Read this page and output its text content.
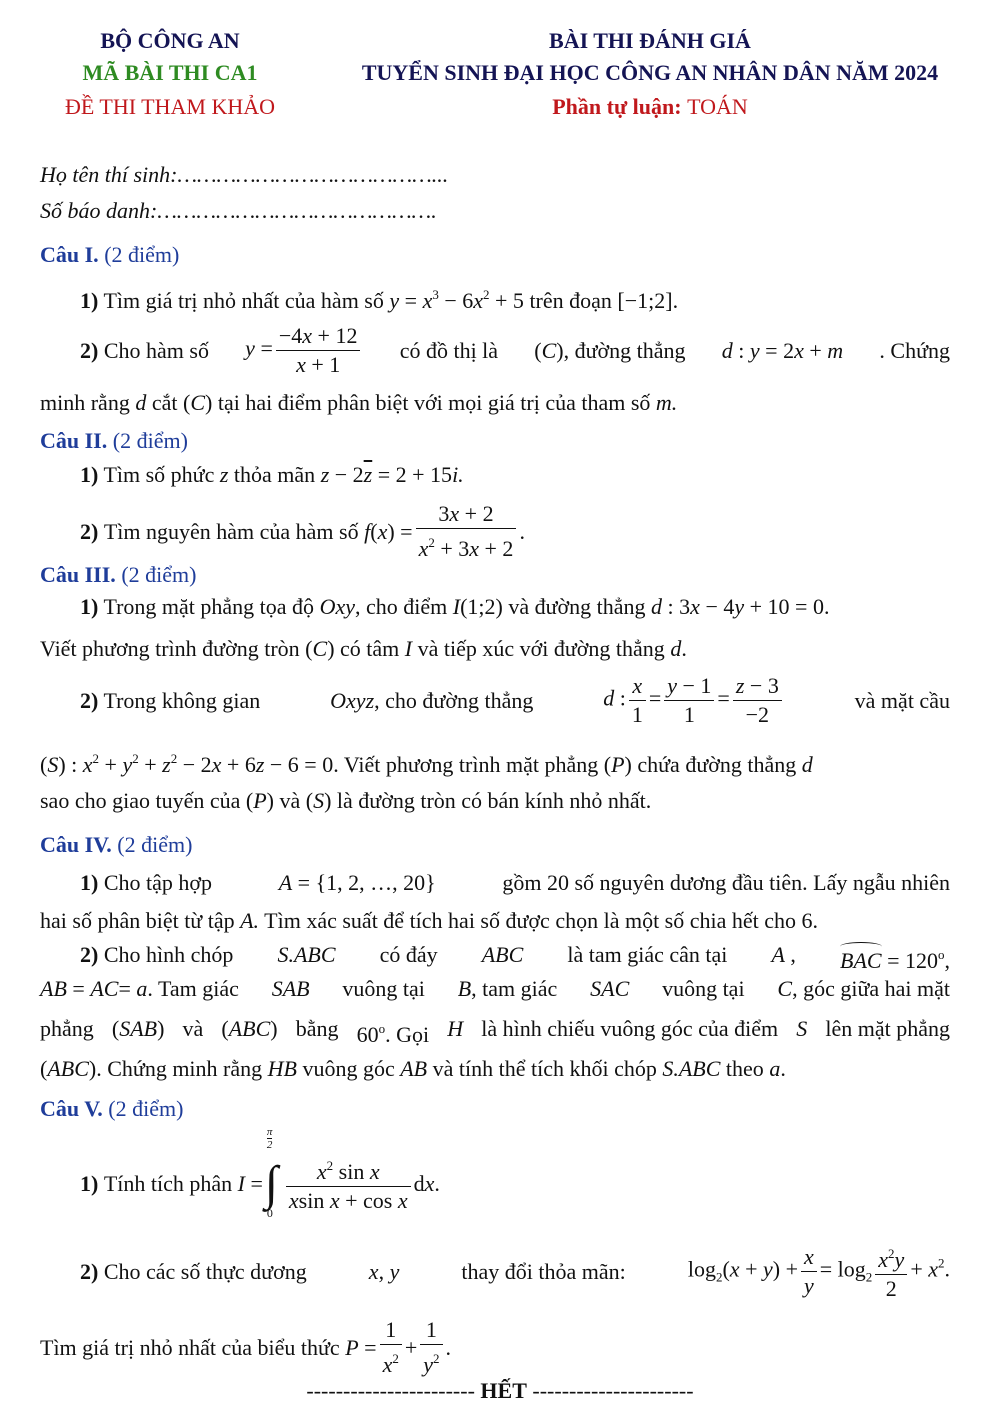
BỘ CÔNG AN
MÃ BÀI THI CA1
ĐỀ THI THAM KHẢO
BÀI THI ĐÁNH GIÁ
TUYỂN SINH ĐẠI HỌC CÔNG AN NHÂN DÂN NĂM 2024
Phần tự luận: TOÁN
Họ tên thí sinh:…………………………………...
Số báo danh:…………………………………….
Câu I. (2 điểm)
1) Tìm giá trị nhỏ nhất của hàm số $y = x^3 - 6x^2 + 5$ trên đoạn [−1;2].
2) Cho hàm số $y = \frac{-4x + 12}{x + 1}$ có đồ thị là (C), đường thẳng d : y = 2x + m . Chứng
minh rằng d cắt (C) tại hai điểm phân biệt với mọi giá trị của tham số m.
Câu II. (2 điểm)
1) Tìm số phức z thỏa mãn $z - 2\overline{z} = 2 + 15i$.
2)
Tìm nguyên hàm của hàm số
f ( x ) = $\frac{3x + 2}{x^2 + 3x + 2}$ .
Câu III. (2 điểm)
1) Trong mặt phẳng tọa độ Oxy, cho điểm I(1;2) và đường thẳng d : 3x − 4y + 10 = 0.
Viết phương trình đường tròn (C) có tâm I và tiếp xúc với đường thẳng d.
2) Trong không gian	Oxyz, cho đường thẳng	d : $\frac{x}{1} = \frac{y - 1}{1} = \frac{z - 3}{-2}$	và mặt cầu
(S) : $x^2 + y^2 + z^2 - 2x + 6z - 6 = 0$. Viết phương trình mặt phẳng (P) chứa đường thẳng d
sao cho giao tuyến của (P) và (S) là đường tròn có bán kính nhỏ nhất.
Câu IV. (2 điểm)
1) Cho tập hợp	A = {1, 2, …, 20}	gồm 20 số nguyên dương đầu tiên. Lấy ngẫu nhiên
hai số phân biệt từ tập A. Tìm xác suất để tích hai số được chọn là một số chia hết cho 6.
2) Cho hình chóp S.ABC có đáy ABC là tam giác cân tại A , BAC = $120^o$,
AB = AC= a. Tam giác SAB vuông tại B, tam giác SAC vuông tại C, góc giữa hai mặt
phẳng (SAB) và (ABC) bằng 60$^o$. Gọi H là hình chiếu vuông góc của điểm S lên mặt phẳng
(ABC). Chứng minh rằng HB vuông góc AB và tính thể tích khối chóp S.ABC theo a.
Câu V. (2 điểm)
1)
Tính tích phân
I =
π
2
∫
$0 \frac{x^2 \sin x}{\text{xsin x + cos x}}$ d x .
2) Cho các số thực dương	x, y	thay đổi thỏa mãn:	$\log_2(x + y) + \frac{x}{y} = \log_2 \frac{x^2y}{2} + x^2$.
Tìm giá trị nhỏ nhất của biểu thức
$P = \frac{1}{x^2} + \frac{1}{y^2}$ .
----------------------- HẾT ----------------------
